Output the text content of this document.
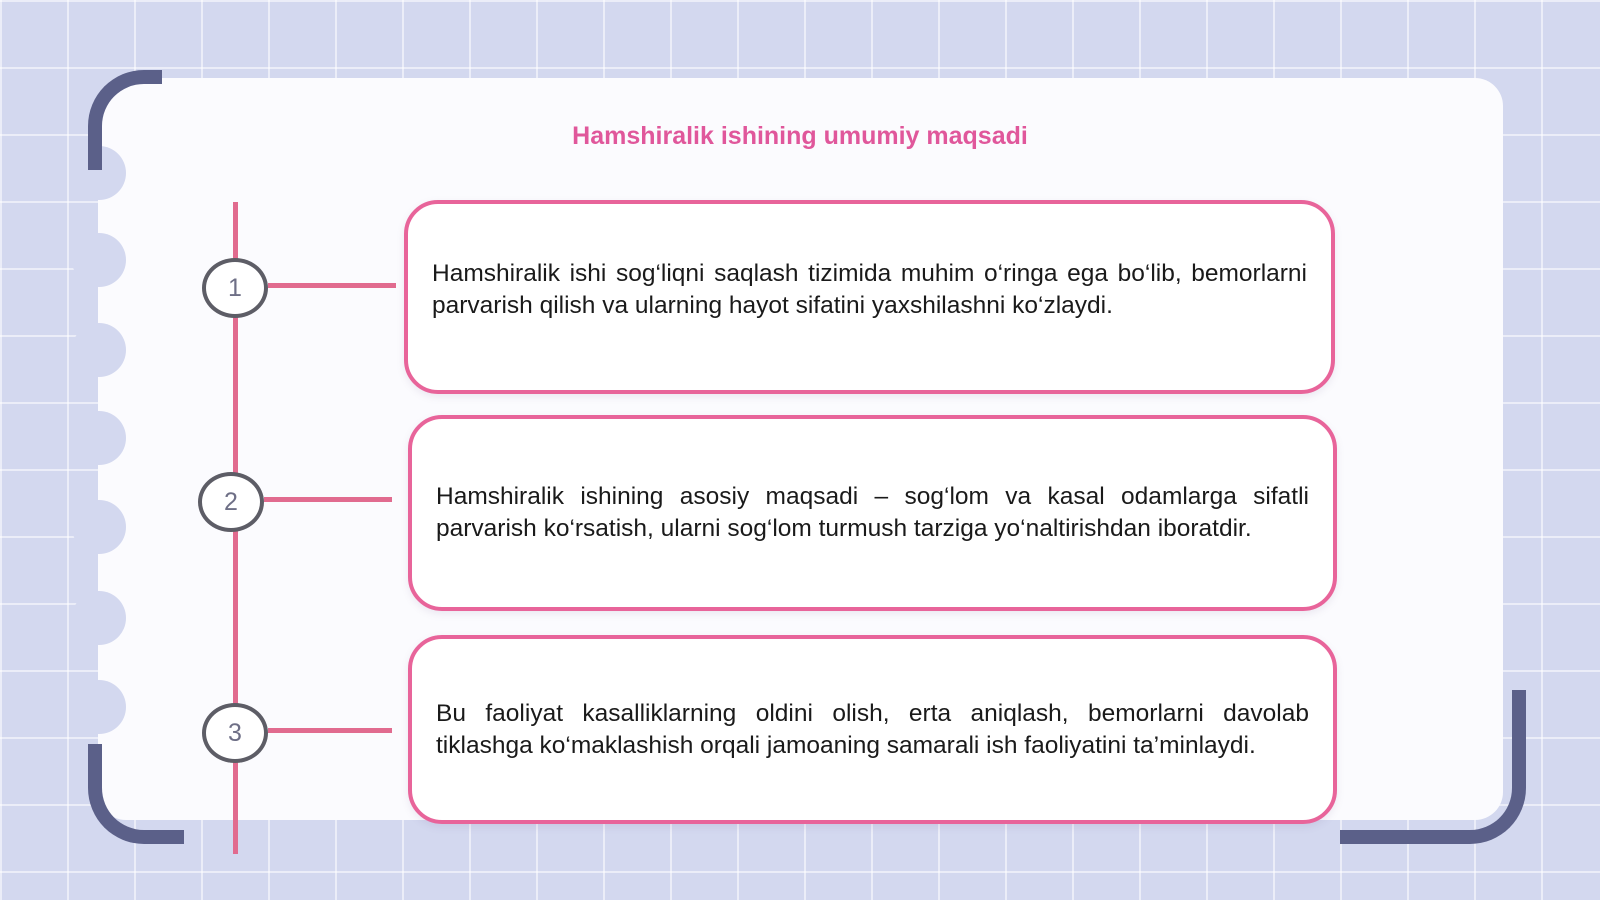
Hamshiralik ishining umumiy maqsadi
1
2
3

Hamshiralik ishi sog‘liqni saqlash tizimida muhim o‘ringa ega bo‘lib, bemorlarni parvarish qilish va ularning hayot sifatini yaxshilashni ko‘zlaydi.

Hamshiralik ishining asosiy maqsadi – sog‘lom va kasal odamlarga sifatli parvarish ko‘rsatish, ularni sog‘lom turmush tarziga yo‘naltirishdan iboratdir.

Bu faoliyat kasalliklarning oldini olish, erta aniqlash, bemorlarni davolab tiklashga ko‘maklashish orqali jamoaning samarali ish faoliyatini ta’minlaydi.
